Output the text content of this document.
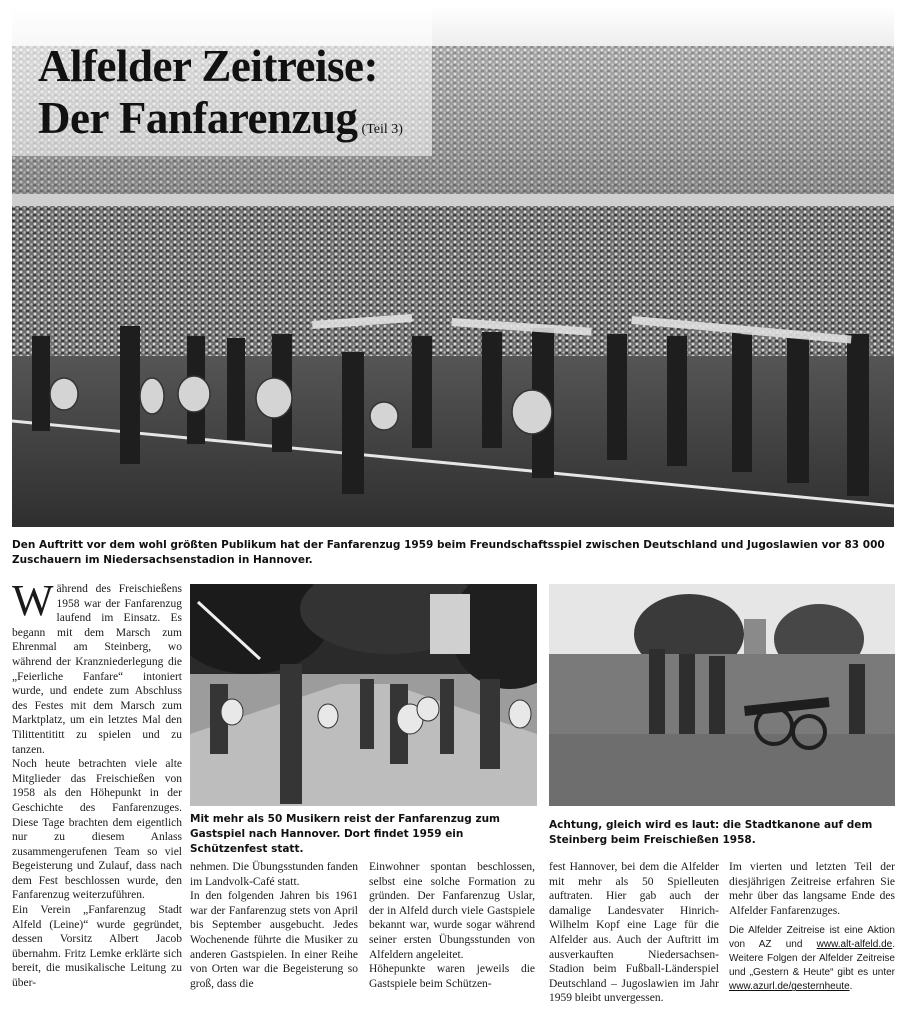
Alfelder Zeitreise:
Der Fanfarenzug (Teil 3)
Den Auftritt vor dem wohl größten Publikum hat der Fanfarenzug 1959 beim Freundschaftsspiel zwischen Deutschland und Jugoslawien vor 83 000 Zuschauern im Niedersachsenstadion in Hannover.
Mit mehr als 50 Musikern reist der Fanfarenzug zum Gastspiel nach Hannover. Dort findet 1959 ein Schützenfest statt.
Achtung, gleich wird es laut: die Stadtkanone auf dem Steinberg beim Freischießen 1958.

Während des Freischießens 1958 war der Fanfarenzug laufend im Einsatz. Es begann mit dem Marsch zum Ehrenmal am Steinberg, wo während der Kranzniederlegung die „Feierliche Fanfare“ intoniert wurde, und endete zum Abschluss des Festes mit dem Marsch zum Marktplatz, um ein letztes Mal den Tilittentititt zu spielen und zu tanzen.

Noch heute betrachten viele alte Mitglieder das Freischießen von 1958 als den Höhepunkt in der Geschichte des Fanfarenzuges. Diese Tage brachten dem eigentlich nur zu diesem Anlass zusammengerufenen Team so viel Begeisterung und Zulauf, dass nach dem Fest beschlossen wurde, den Fanfarenzug weiterzuführen.

Ein Verein „Fanfarenzug Stadt Alfeld (Leine)“ wurde gegründet, dessen Vorsitz Albert Jacob übernahm. Fritz Lemke erklärte sich bereit, die musikalische Leitung zu über-

nehmen. Die Übungsstunden fanden im Landvolk-Café statt.

In den folgenden Jahren bis 1961 war der Fanfarenzug stets von April bis September ausgebucht. Jedes Wochenende führte die Musiker zu anderen Gastspielen. In einer Reihe von Orten war die Begeisterung so groß, dass die

Einwohner spontan beschlossen, selbst eine solche Formation zu gründen. Der Fanfarenzug Uslar, der in Alfeld durch viele Gastspiele bekannt war, wurde sogar während seiner ersten Übungsstunden von Alfeldern angeleitet.

Höhepunkte waren jeweils die Gastspiele beim Schützen-

fest Hannover, bei dem die Alfelder mit mehr als 50 Spielleuten auftraten. Hier gab auch der damalige Landesvater Hinrich-Wilhelm Kopf eine Lage für die Alfelder aus. Auch der Auftritt im ausverkauften Niedersachsen-Stadion beim Fußball-Länderspiel Deutschland – Jugoslawien im Jahr 1959 bleibt unvergessen.

Im vierten und letzten Teil der diesjährigen Zeitreise erfahren Sie mehr über das langsame Ende des Alfelder Fanfarenzuges.

Die Alfelder Zeitreise ist eine Aktion von AZ und www.alt-alfeld.de. Weitere Folgen der Alfelder Zeitreise und „Gestern & Heute“ gibt es unter www.azurl.de/gesternheute.
